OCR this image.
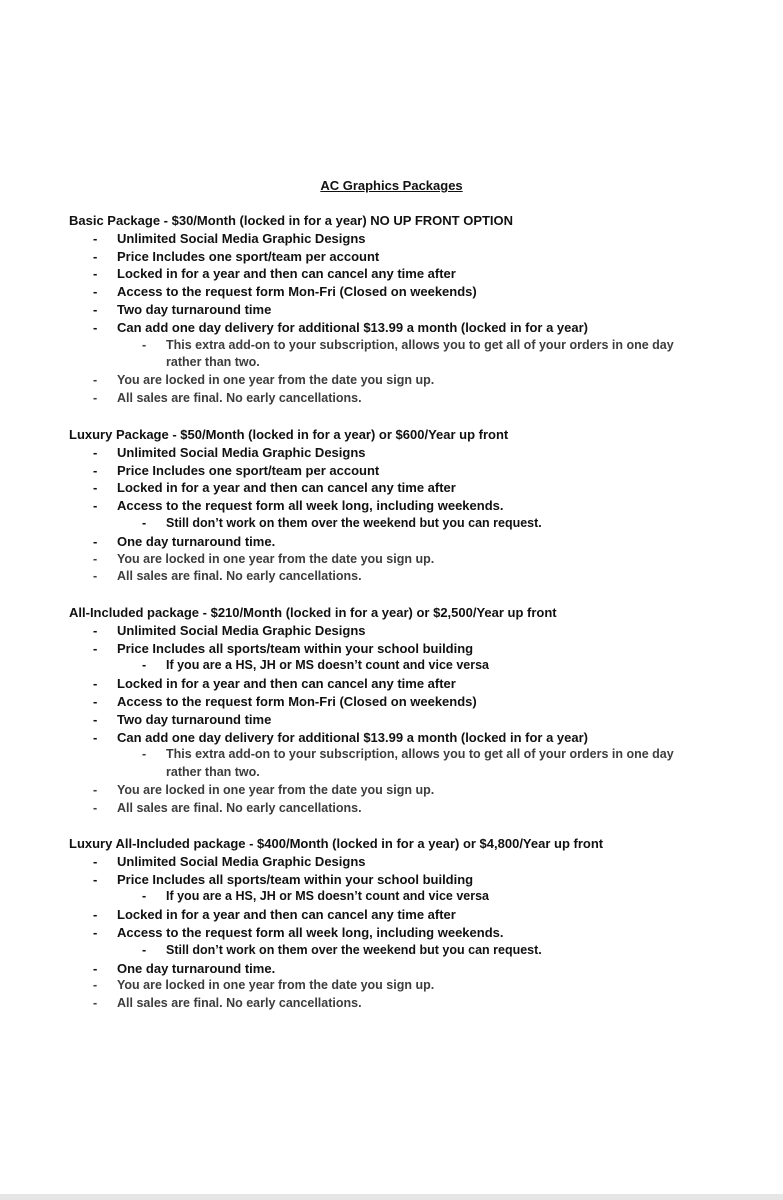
AC Graphics Packages
Basic Package - $30/Month (locked in for a year) NO UP FRONT OPTION
- Unlimited Social Media Graphic Designs
- Price Includes one sport/team per account
- Locked in for a year and then can cancel any time after
- Access to the request form Mon-Fri (Closed on weekends)
- Two day turnaround time
- Can add one day delivery for additional $13.99 a month (locked in for a year)
- This extra add-on to your subscription, allows you to get all of your orders in one day rather than two.
- You are locked in one year from the date you sign up.
- All sales are final. No early cancellations.
Luxury Package - $50/Month (locked in for a year) or $600/Year up front
- Unlimited Social Media Graphic Designs
- Price Includes one sport/team per account
- Locked in for a year and then can cancel any time after
- Access to the request form all week long, including weekends.
- Still don’t work on them over the weekend but you can request.
- One day turnaround time.
- You are locked in one year from the date you sign up.
- All sales are final. No early cancellations.
All-Included package - $210/Month (locked in for a year) or $2,500/Year up front
- Unlimited Social Media Graphic Designs
- Price Includes all sports/team within your school building
- If you are a HS, JH or MS doesn’t count and vice versa
- Locked in for a year and then can cancel any time after
- Access to the request form Mon-Fri (Closed on weekends)
- Two day turnaround time
- Can add one day delivery for additional $13.99 a month (locked in for a year)
- This extra add-on to your subscription, allows you to get all of your orders in one day rather than two.
- You are locked in one year from the date you sign up.
- All sales are final. No early cancellations.
Luxury All-Included package - $400/Month (locked in for a year) or $4,800/Year up front
- Unlimited Social Media Graphic Designs
- Price Includes all sports/team within your school building
- If you are a HS, JH or MS doesn’t count and vice versa
- Locked in for a year and then can cancel any time after
- Access to the request form all week long, including weekends.
- Still don’t work on them over the weekend but you can request.
- One day turnaround time.
- You are locked in one year from the date you sign up.
- All sales are final. No early cancellations.
